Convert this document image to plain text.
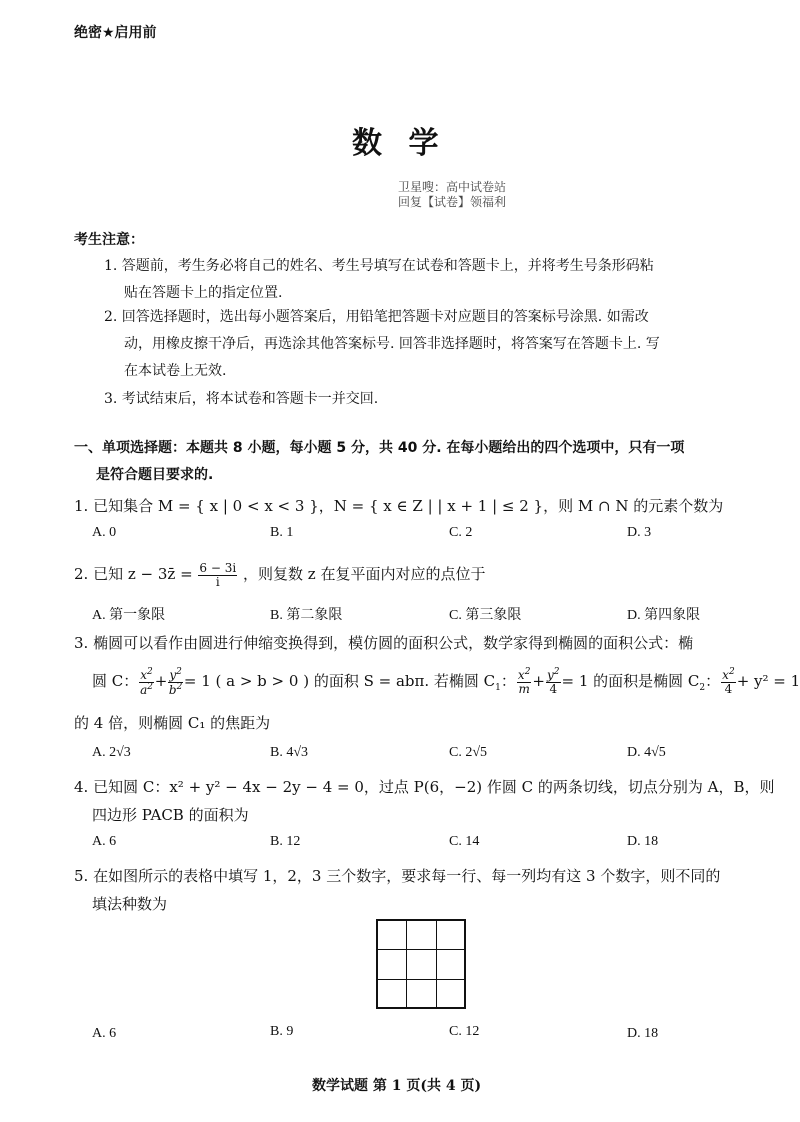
绝密★启用前
数 学
卫星嗖：高中试卷站
回复【试卷】领福利
考生注意：
1. 答题前，考生务必将自己的姓名、考生号填写在试卷和答题卡上，并将考生号条形码粘
贴在答题卡上的指定位置.
2. 回答选择题时，选出每小题答案后，用铅笔把答题卡对应题目的答案标号涂黑. 如需改
动，用橡皮擦干净后，再选涂其他答案标号. 回答非选择题时，将答案写在答题卡上. 写
在本试卷上无效.
3. 考试结束后，将本试卷和答题卡一并交回.
一、单项选择题：本题共 8 小题，每小题 5 分，共 40 分. 在每小题给出的四个选项中，只有一项
是符合题目要求的.
1. 已知集合 M = { x | 0 < x < 3 }，N = { x ∈ Z | | x + 1 | ≤ 2 }，则 M ∩ N 的元素个数为
A. 0	B. 1	C. 2	D. 3
2. 已知 z − 3z̄ = $\frac{6 - 3i}{i}$ ，则复数 z 在复平面内对应的点位于
A. 第一象限	B. 第二象限	C. 第三象限	D. 第四象限
3. 椭圆可以看作由圆进行伸缩变换得到，模仿圆的面积公式，数学家得到椭圆的面积公式：椭
圆 C： $\frac{x^2}{a^2} + \frac{y^2}{b^2} = 1$ ( a > b > 0 ) 的面积 S = abπ. 若椭圆 $C_1$： $\frac{x^2}{m} + \frac{y^2}{4} = 1$ 的面积是椭圆 $C_2$： $\frac{x^2}{4} + y^2 = 1$
的 4 倍，则椭圆 C₁ 的焦距为
A. 2√3	B. 4√3	C. 2√5	D. 4√5
4. 已知圆 C：x² + y² − 4x − 2y − 4 = 0，过点 P(6，−2) 作圆 C 的两条切线，切点分别为 A，B，则
四边形 PACB 的面积为
A. 6	B. 12	C. 14	D. 18
5. 在如图所示的表格中填写 1，2，3 三个数字，要求每一行、每一列均有这 3 个数字，则不同的
填法种数为
A. 6	B. 9	C. 12	D. 18
数学试题 第 1 页(共 4 页)
